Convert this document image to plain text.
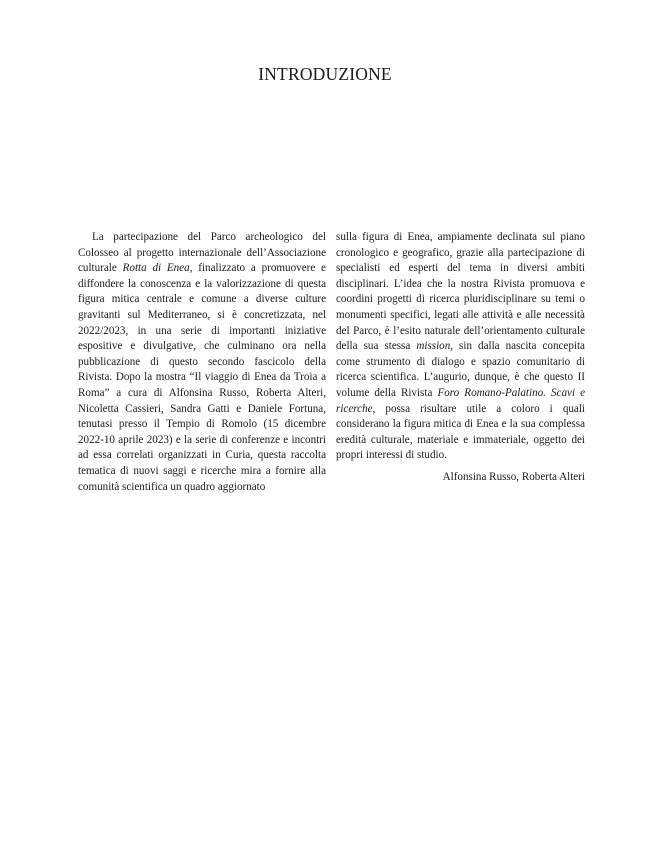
INTRODUZIONE

La partecipazione del Parco archeologico del Colosseo al progetto internazionale dell’Associazione culturale Rotta di Enea, finalizzato a promuovere e diffondere la conoscenza e la valorizzazione di questa figura mitica centrale e comune a diverse culture gravitanti sul Mediterraneo, si è concretizzata, nel 2022/2023, in una serie di importanti iniziative espositive e divulgative, che culminano ora nella pubblicazione di questo secondo fascicolo della Rivista. Dopo la mostra “Il viaggio di Enea da Troia a Roma” a cura di Alfonsina Russo, Roberta Alteri, Nicoletta Cassieri, Sandra Gatti e Daniele Fortuna, tenutasi presso il Tempio di Romolo (15 dicembre 2022-10 aprile 2023) e la serie di conferenze e incontri ad essa correlati organizzati in Curia, questa raccolta tematica di nuovi saggi e ricerche mira a fornire alla comunità scientifica un quadro aggiornato

sulla figura di Enea, ampiamente declinata sul piano cronologico e geografico, grazie alla partecipazione di specialisti ed esperti del tema in diversi ambiti disciplinari. L’idea che la nostra Rivista promuova e coordini progetti di ricerca pluridisciplinare su temi o monumenti specifici, legati alle attività e alle necessità del Parco, è l’esito naturale dell’orientamento culturale della sua stessa mission, sin dalla nascita concepita come strumento di dialogo e spazio comunitario di ricerca scientifica. L’augurio, dunque, è che questo II volume della Rivista Foro Romano-Palatino. Scavi e ricerche, possa risultare utile a coloro i quali considerano la figura mitica di Enea e la sua complessa eredità culturale, materiale e immateriale, oggetto dei propri interessi di studio.

Alfonsina Russo, Roberta Alteri
